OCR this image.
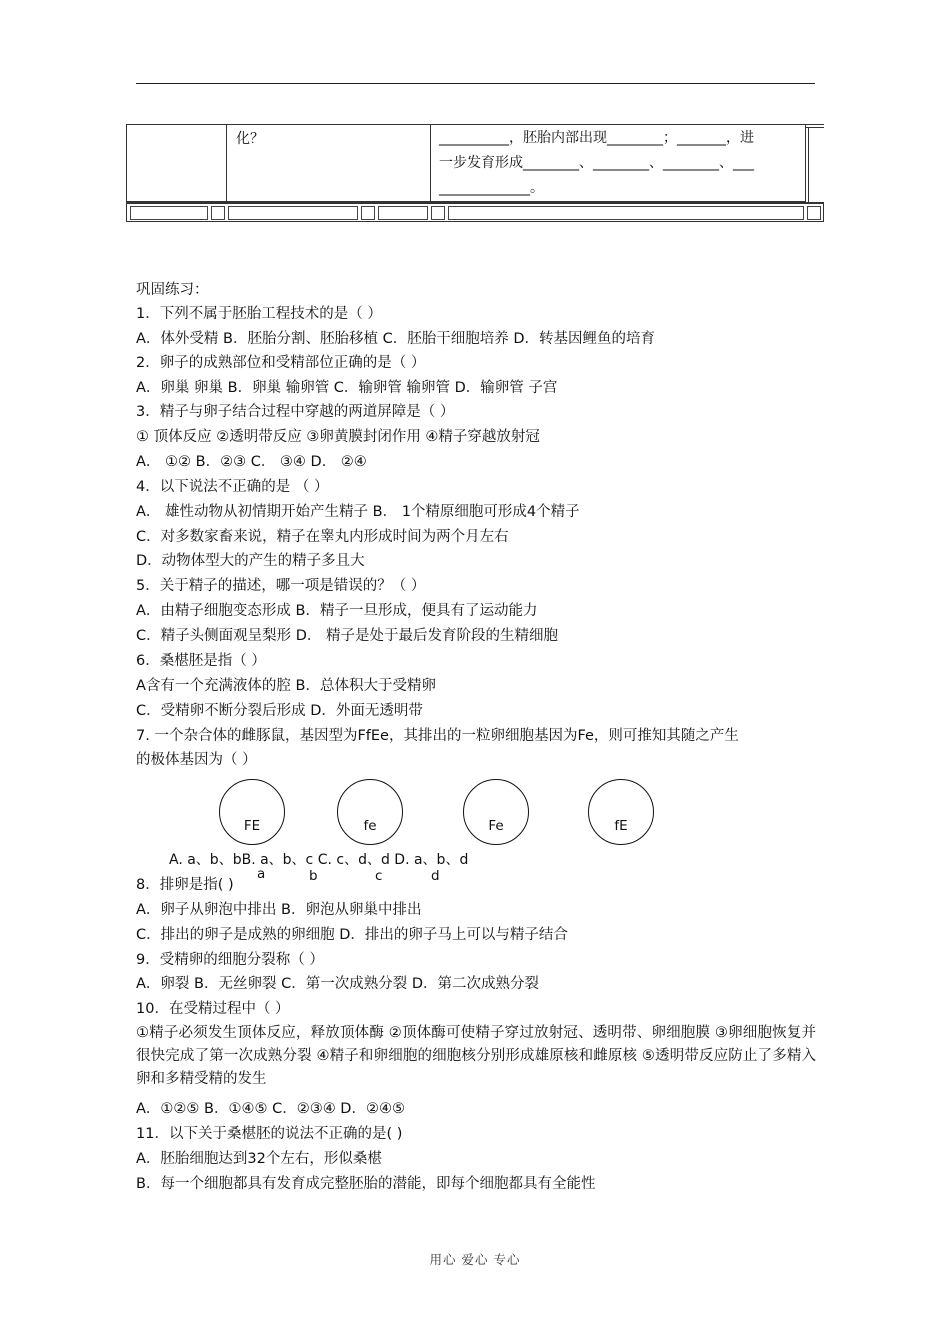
化？	__________，胚胎内部出现________；_______，进
一步发育形成________、________、________、___
_____________。
巩固练习：
1．下列不属于胚胎工程技术的是（ ）
A．体外受精 B．胚胎分割、胚胎移植 C．胚胎干细胞培养 D．转基因鲤鱼的培育
2．卵子的成熟部位和受精部位正确的是（ ）
A．卵巢 卵巢 B．卵巢 输卵管 C．输卵管 输卵管 D．输卵管 子宫
3．精子与卵子结合过程中穿越的两道屏障是（ ）
① 顶体反应 ②透明带反应 ③卵黄膜封闭作用 ④精子穿越放射冠
A． ①② B．②③ C． ③④ D． ②④
4．以下说法不正确的是 （ ）
A． 雄性动物从初情期开始产生精子 B． 1个精原细胞可形成4个精子
C．对多数家畜来说，精子在睾丸内形成时间为两个月左右
D．动物体型大的产生的精子多且大
5．关于精子的描述，哪一项是错误的？（ ）
A．由精子细胞变态形成 B．精子一旦形成，便具有了运动能力
C．精子头侧面观呈梨形 D． 精子是处于最后发育阶段的生精细胞
6．桑椹胚是指（ ）
A含有一个充满液体的腔 B．总体积大于受精卵
C．受精卵不断分裂后形成 D．外面无透明带
7. 一个杂合体的雌豚鼠，基因型为FfEe，其排出的一粒卵细胞基因为Fe，则可推知其随之产生
的极体基因为（ ）
FE	fe	Fe	fE
A. a、b、bB. a、b、c C. c、d、d D. a、b、d
a	b	c	d
8．排卵是指( )
A．卵子从卵泡中排出 B．卵泡从卵巢中排出
C．排出的卵子是成熟的卵细胞 D．排出的卵子马上可以与精子结合
9．受精卵的细胞分裂称（ ）
A．卵裂 B．无丝卵裂 C．第一次成熟分裂 D．第二次成熟分裂
10．在受精过程中（ ）
①精子必须发生顶体反应，释放顶体酶 ②顶体酶可使精子穿过放射冠、透明带、卵细胞膜 ③卵细胞恢复并很快完成了第一次成熟分裂 ④精子和卵细胞的细胞核分别形成雄原核和雌原核 ⑤透明带反应防止了多精入卵和多精受精的发生
A．①②⑤ B．①④⑤ C．②③④ D．②④⑤
11．以下关于桑椹胚的说法不正确的是( )
A．胚胎细胞达到32个左右，形似桑椹
B．每一个细胞都具有发育成完整胚胎的潜能，即每个细胞都具有全能性
用心 爱心 专心
